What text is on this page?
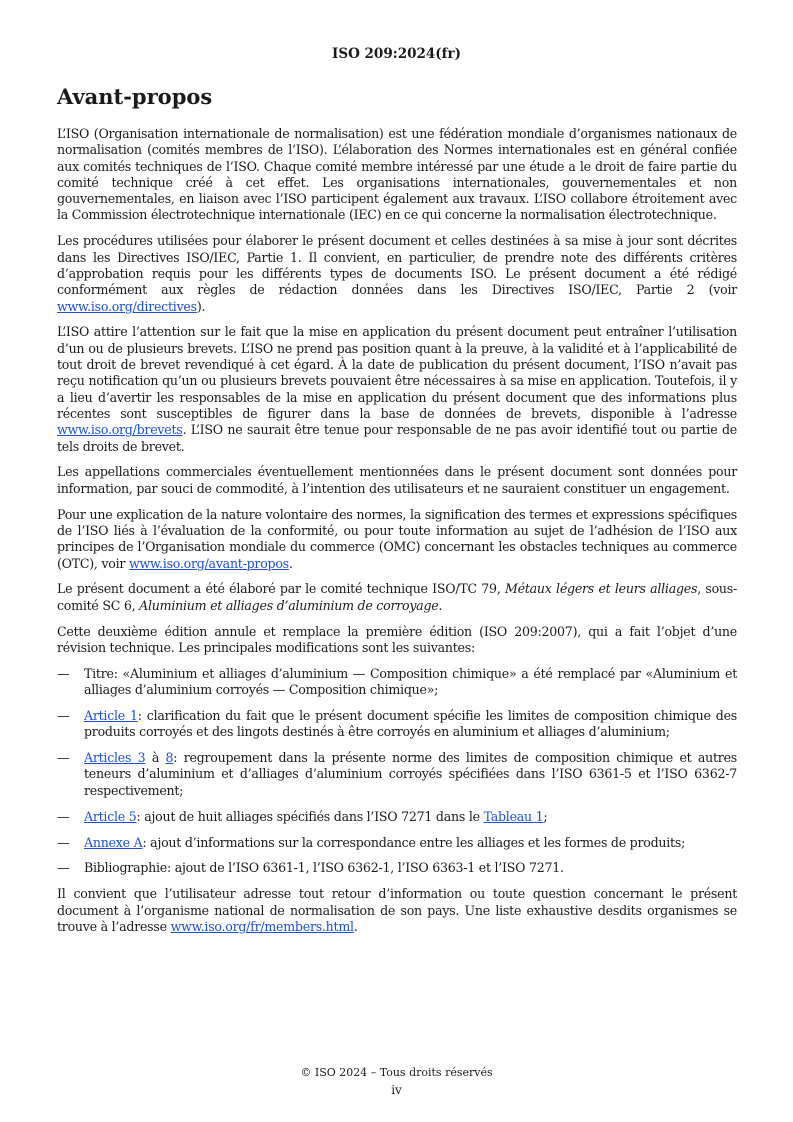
ISO 209:2024(fr)
Avant-propos

L’ISO (Organisation internationale de normalisation) est une fédération mondiale d’organismes nationaux de normalisation (comités membres de l’ISO). L’élaboration des Normes internationales est en général confiée aux comités techniques de l’ISO. Chaque comité membre intéressé par une étude a le droit de faire partie du comité technique créé à cet effet. Les organisations internationales, gouvernementales et non gouvernementales, en liaison avec l’ISO participent également aux travaux. L’ISO collabore étroitement avec la Commission électrotechnique internationale (IEC) en ce qui concerne la normalisation électrotechnique.

Les procédures utilisées pour élaborer le présent document et celles destinées à sa mise à jour sont décrites dans les Directives ISO/IEC, Partie 1. Il convient, en particulier, de prendre note des différents critères d’approbation requis pour les différents types de documents ISO. Le présent document a été rédigé conformément aux règles de rédaction données dans les Directives ISO/IEC, Partie 2 (voir www.iso.org/directives).

L’ISO attire l’attention sur le fait que la mise en application du présent document peut entraîner l’utilisation d’un ou de plusieurs brevets. L’ISO ne prend pas position quant à la preuve, à la validité et à l’applicabilité de tout droit de brevet revendiqué à cet égard. À la date de publication du présent document, l’ISO n’avait pas reçu notification qu’un ou plusieurs brevets pouvaient être nécessaires à sa mise en application. Toutefois, il y a lieu d’avertir les responsables de la mise en application du présent document que des informations plus récentes sont susceptibles de figurer dans la base de données de brevets, disponible à l’adresse www.iso.org/brevets. L’ISO ne saurait être tenue pour responsable de ne pas avoir identifié tout ou partie de tels droits de brevet.

Les appellations commerciales éventuellement mentionnées dans le présent document sont données pour information, par souci de commodité, à l’intention des utilisateurs et ne sauraient constituer un engagement.

Pour une explication de la nature volontaire des normes, la signification des termes et expressions spécifiques de l’ISO liés à l’évaluation de la conformité, ou pour toute information au sujet de l’adhésion de l’ISO aux principes de l’Organisation mondiale du commerce (OMC) concernant les obstacles techniques au commerce (OTC), voir www.iso.org/avant-propos.

Le présent document a été élaboré par le comité technique ISO/TC 79, Métaux légers et leurs alliages, sous-comité SC 6, Aluminium et alliages d’aluminium de corroyage.

Cette deuxième édition annule et remplace la première édition (ISO 209:2007), qui a fait l’objet d’une révision technique. Les principales modifications sont les suivantes:

—	Titre: «Aluminium et alliages d’aluminium — Composition chimique» a été remplacé par «Aluminium et alliages d’aluminium corroyés — Composition chimique»;
—	Article 1: clarification du fait que le présent document spécifie les limites de composition chimique des produits corroyés et des lingots destinés à être corroyés en aluminium et alliages d’aluminium;
—	Articles 3 à 8: regroupement dans la présente norme des limites de composition chimique et autres teneurs d’aluminium et d’alliages d’aluminium corroyés spécifiées dans l’ISO 6361-5 et l’ISO 6362-7 respectivement;
—	Article 5: ajout de huit alliages spécifiés dans l’ISO 7271 dans le Tableau 1;
—	Annexe A: ajout d’informations sur la correspondance entre les alliages et les formes de produits;
—	Bibliographie: ajout de l’ISO 6361-1, l’ISO 6362-1, l’ISO 6363-1 et l’ISO 7271.

Il convient que l’utilisateur adresse tout retour d’information ou toute question concernant le présent document à l’organisme national de normalisation de son pays. Une liste exhaustive desdits organismes se trouve à l’adresse www.iso.org/fr/members.html.

© ISO 2024 – Tous droits réservés
iv
